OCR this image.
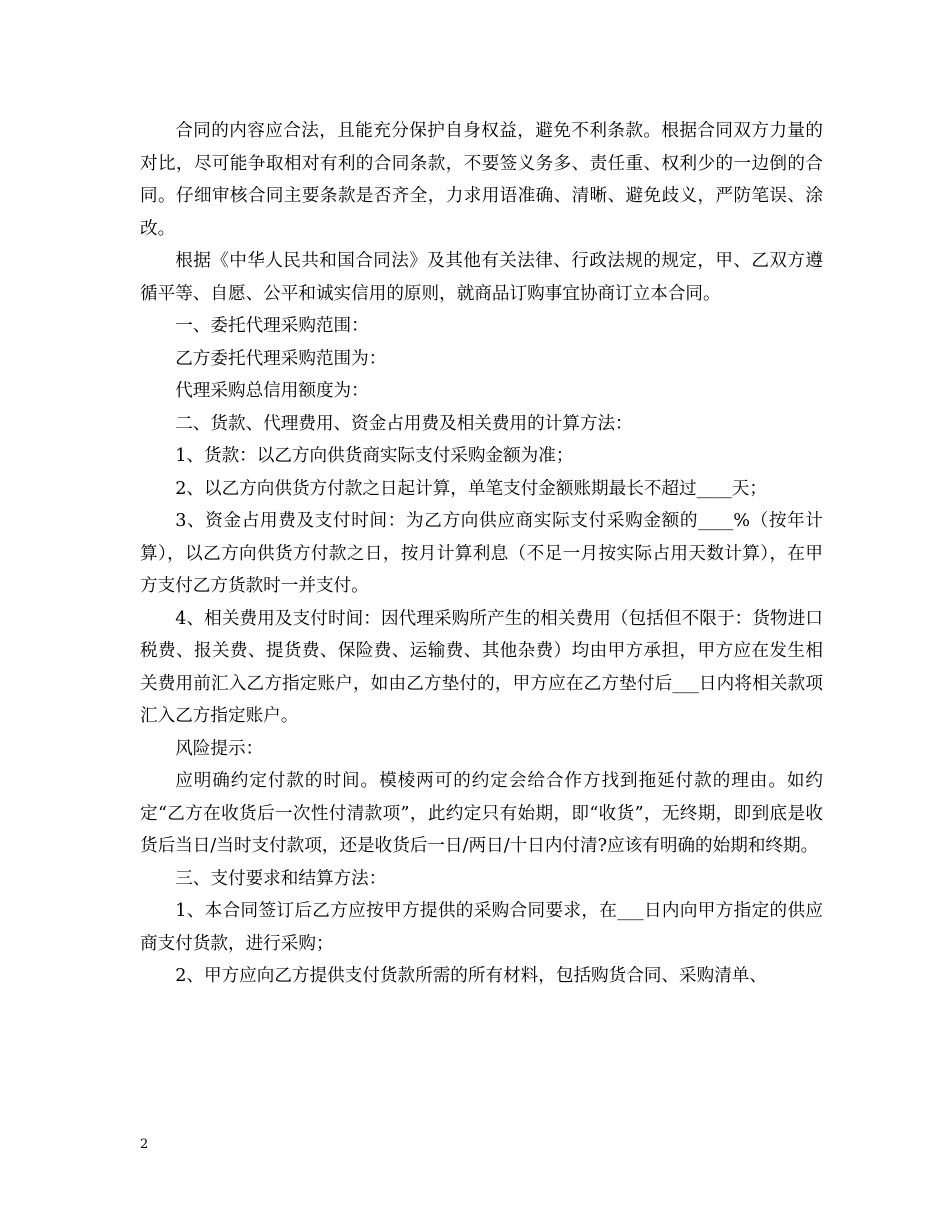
合同的内容应合法，且能充分保护自身权益，避免不利条款。根据合同双方力量的对比，尽可能争取相对有利的合同条款，不要签义务多、责任重、权利少的一边倒的合同。仔细审核合同主要条款是否齐全，力求用语准确、清晰、避免歧义，严防笔误、涂改。

根据《中华人民共和国合同法》及其他有关法律、行政法规的规定，甲、乙双方遵循平等、自愿、公平和诚实信用的原则，就商品订购事宜协商订立本合同。

一、委托代理采购范围：

乙方委托代理采购范围为：

代理采购总信用额度为：

二、货款、代理费用、资金占用费及相关费用的计算方法：

1、货款：以乙方向供货商实际支付采购金额为准；

2、以乙方向供货方付款之日起计算，单笔支付金额账期最长不超过____天；

3、资金占用费及支付时间：为乙方向供应商实际支付采购金额的____%（按年计算），以乙方向供货方付款之日，按月计算利息（不足一月按实际占用天数计算），在甲方支付乙方货款时一并支付。

4、相关费用及支付时间：因代理采购所产生的相关费用（包括但不限于：货物进口税费、报关费、提货费、保险费、运输费、其他杂费）均由甲方承担，甲方应在发生相关费用前汇入乙方指定账户，如由乙方垫付的，甲方应在乙方垫付后___日内将相关款项汇入乙方指定账户。

风险提示：

应明确约定付款的时间。模棱两可的约定会给合作方找到拖延付款的理由。如约定“乙方在收货后一次性付清款项”，此约定只有始期，即“收货”，无终期，即到底是收货后当日/当时支付款项，还是收货后一日/两日/十日内付清?应该有明确的始期和终期。

三、支付要求和结算方法：

1、本合同签订后乙方应按甲方提供的采购合同要求，在___日内向甲方指定的供应商支付货款，进行采购；

2、甲方应向乙方提供支付货款所需的所有材料，包括购货合同、采购清单、

2
